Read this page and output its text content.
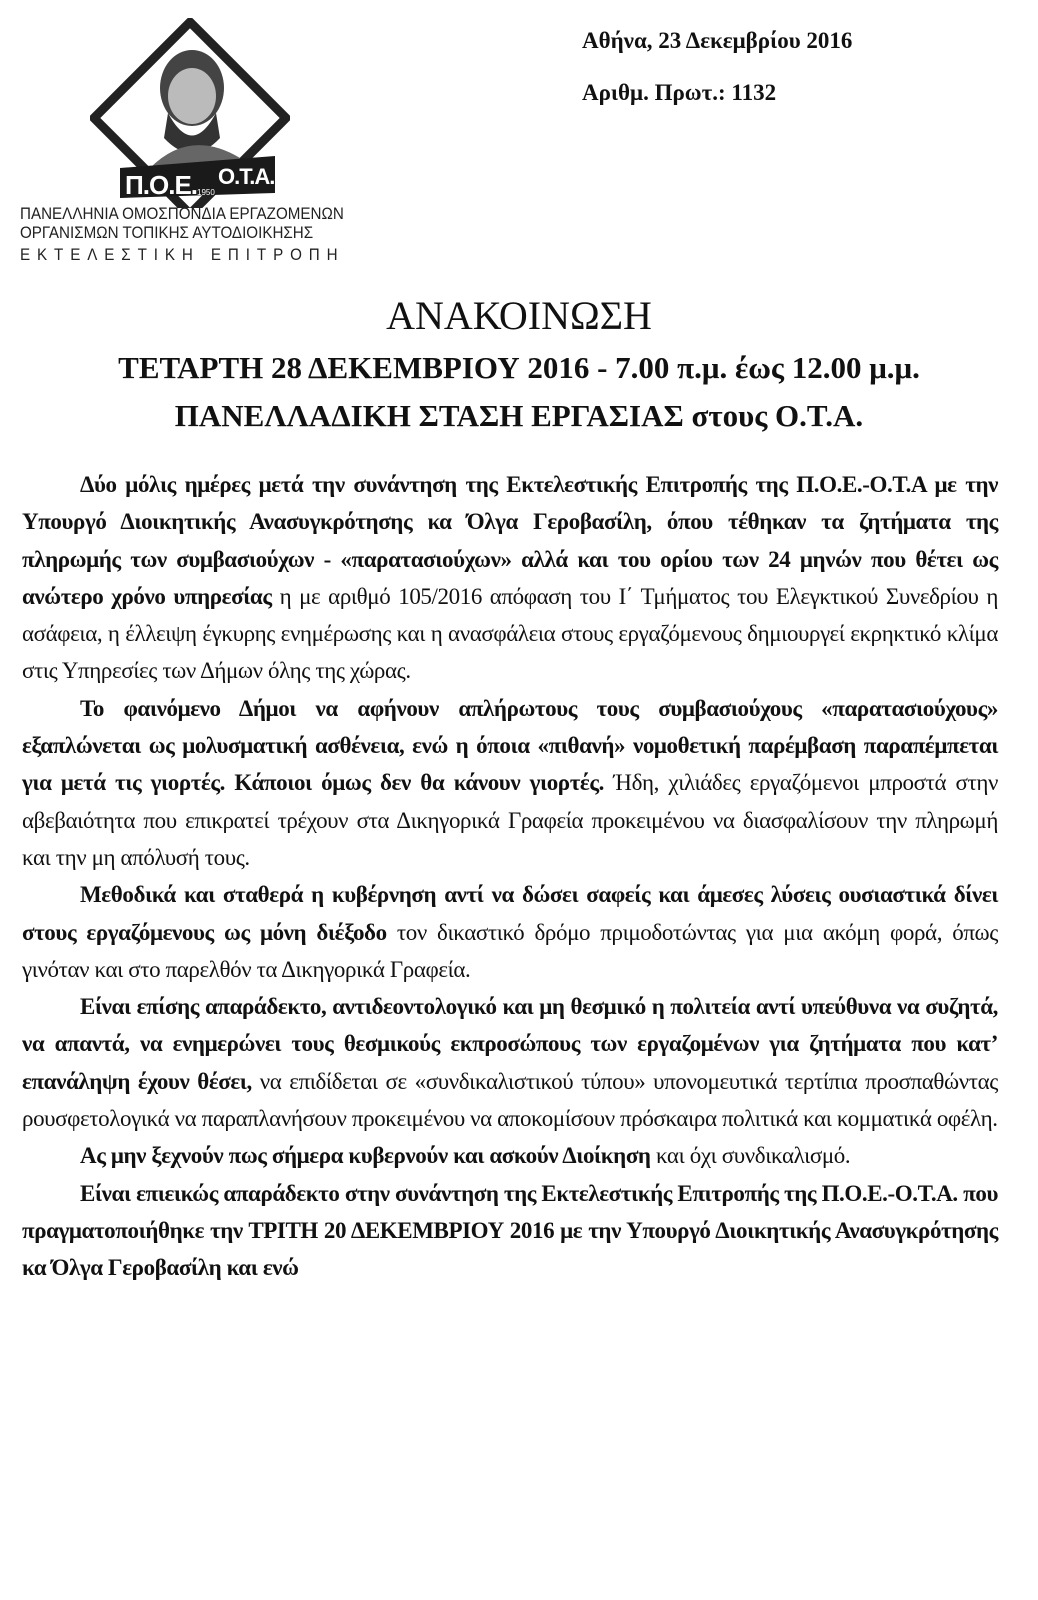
Π.Ο.Ε. 1950
Ο.Τ.Α.
ΠΑΝΕΛΛΗΝΙΑ ΟΜΟΣΠΟΝΔΙΑ ΕΡΓΑΖΟΜΕΝΩΝ
ΟΡΓΑΝΙΣΜΩΝ ΤΟΠΙΚΗΣ ΑΥΤΟΔΙΟΙΚΗΣΗΣ
ΕΚΤΕΛΕΣΤΙΚΗ ΕΠΙΤΡΟΠΗ
Αθήνα, 23 Δεκεμβρίου 2016
Αριθμ. Πρωτ.: 1132
ΑΝΑΚΟΙΝΩΣΗ
ΤΕΤΑΡΤΗ 28 ΔΕΚΕΜΒΡΙΟΥ 2016 - 7.00 π.μ. έως 12.00 μ.μ.
ΠΑΝΕΛΛΑΔΙΚΗ ΣΤΑΣΗ ΕΡΓΑΣΙΑΣ στους Ο.Τ.Α.

Δύο μόλις ημέρες μετά την συνάντηση της Εκτελεστικής Επιτροπής της Π.Ο.Ε.-Ο.Τ.Α με την Υπουργό Διοικητικής Ανασυγκρότησης κα Όλγα Γεροβασίλη, όπου τέθηκαν τα ζητήματα της πληρωμής των συμβασιούχων - «παρατασιούχων» αλλά και του ορίου των 24 μηνών που θέτει ως ανώτερο χρόνο υπηρεσίας η με αριθμό 105/2016 απόφαση του Ι΄ Τμήματος του Ελεγκτικού Συνεδρίου η ασάφεια, η έλλειψη έγκυρης ενημέρωσης και η ανασφάλεια στους εργαζόμενους δημιουργεί εκρηκτικό κλίμα στις Υπηρεσίες των Δήμων όλης της χώρας.

Το φαινόμενο Δήμοι να αφήνουν απλήρωτους τους συμβασιούχους «παρατασιούχους» εξαπλώνεται ως μολυσματική ασθένεια, ενώ η όποια «πιθανή» νομοθετική παρέμβαση παραπέμπεται για μετά τις γιορτές. Κάποιοι όμως δεν θα κάνουν γιορτές. Ήδη, χιλιάδες εργαζόμενοι μπροστά στην αβεβαιότητα που επικρατεί τρέχουν στα Δικηγορικά Γραφεία προκειμένου να διασφαλίσουν την πληρωμή και την μη απόλυσή τους.

Μεθοδικά και σταθερά η κυβέρνηση αντί να δώσει σαφείς και άμεσες λύσεις ουσιαστικά δίνει στους εργαζόμενους ως μόνη διέξοδο τον δικαστικό δρόμο πριμοδοτώντας για μια ακόμη φορά, όπως γινόταν και στο παρελθόν τα Δικηγορικά Γραφεία.

Είναι επίσης απαράδεκτο, αντιδεοντολογικό και μη θεσμικό η πολιτεία αντί υπεύθυνα να συζητά, να απαντά, να ενημερώνει τους θεσμικούς εκπροσώπους των εργαζομένων για ζητήματα που κατ’ επανάληψη έχουν θέσει, να επιδίδεται σε «συνδικαλιστικού τύπου» υπονομευτικά τερτίπια προσπαθώντας ρουσφετολογικά να παραπλανήσουν προκειμένου να αποκομίσουν πρόσκαιρα πολιτικά και κομματικά οφέλη.

Ας μην ξεχνούν πως σήμερα κυβερνούν και ασκούν Διοίκηση και όχι συνδικαλισμό.

Είναι επιεικώς απαράδεκτο στην συνάντηση της Εκτελεστικής Επιτροπής της Π.Ο.Ε.-Ο.Τ.Α. που πραγματοποιήθηκε την ΤΡΙΤΗ 20 ΔΕΚΕΜΒΡΙΟΥ 2016 με την Υπουργό Διοικητικής Ανασυγκρότησης κα Όλγα Γεροβασίλη και ενώ
